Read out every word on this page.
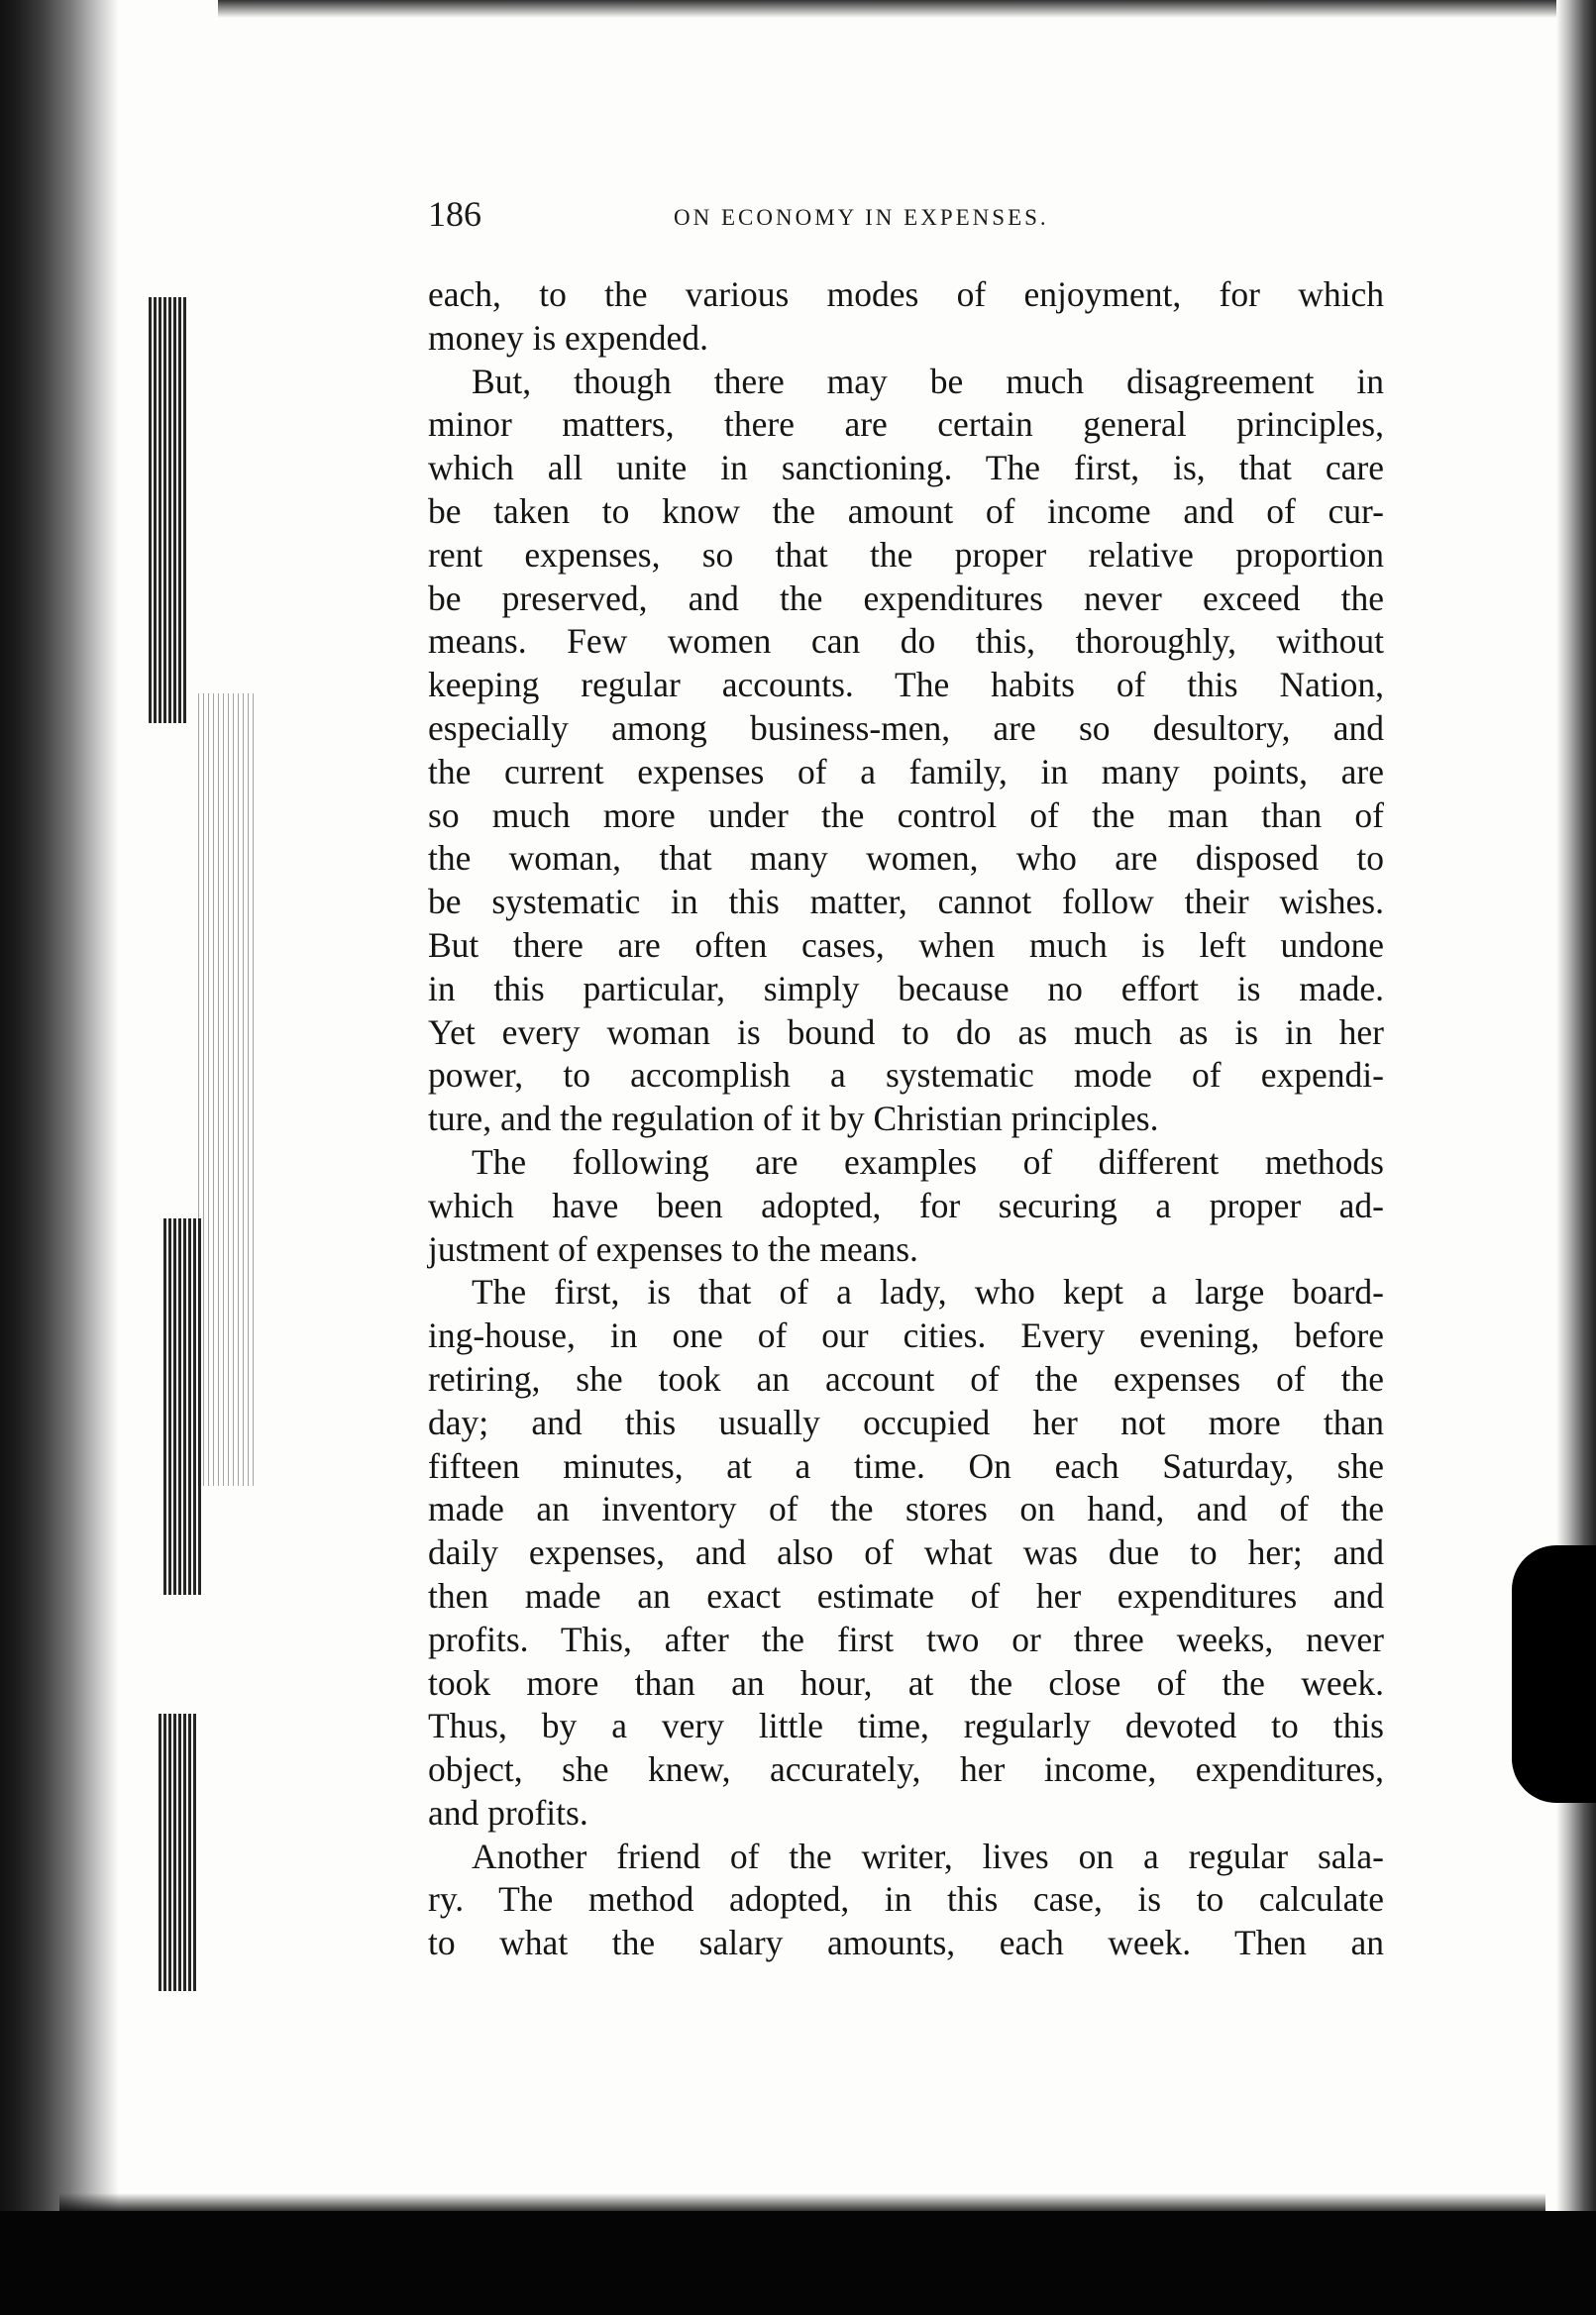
186	ON ECONOMY IN EXPENSES.
each, to the various modes of enjoyment, for which
money is expended.
But, though there may be much disagreement in
minor matters, there are certain general principles,
which all unite in sanctioning. The first, is, that care
be taken to know the amount of income and of cur-
rent expenses, so that the proper relative proportion
be preserved, and the expenditures never exceed the
means. Few women can do this, thoroughly, without
keeping regular accounts. The habits of this Nation,
especially among business-men, are so desultory, and
the current expenses of a family, in many points, are
so much more under the control of the man than of
the woman, that many women, who are disposed to
be systematic in this matter, cannot follow their wishes.
But there are often cases, when much is left undone
in this particular, simply because no effort is made.
Yet every woman is bound to do as much as is in her
power, to accomplish a systematic mode of expendi-
ture, and the regulation of it by Christian principles.
The following are examples of different methods
which have been adopted, for securing a proper ad-
justment of expenses to the means.
The first, is that of a lady, who kept a large board-
ing-house, in one of our cities. Every evening, before
retiring, she took an account of the expenses of the
day; and this usually occupied her not more than
fifteen minutes, at a time. On each Saturday, she
made an inventory of the stores on hand, and of the
daily expenses, and also of what was due to her; and
then made an exact estimate of her expenditures and
profits. This, after the first two or three weeks, never
took more than an hour, at the close of the week.
Thus, by a very little time, regularly devoted to this
object, she knew, accurately, her income, expenditures,
and profits.
Another friend of the writer, lives on a regular sala-
ry. The method adopted, in this case, is to calculate
to what the salary amounts, each week. Then an
